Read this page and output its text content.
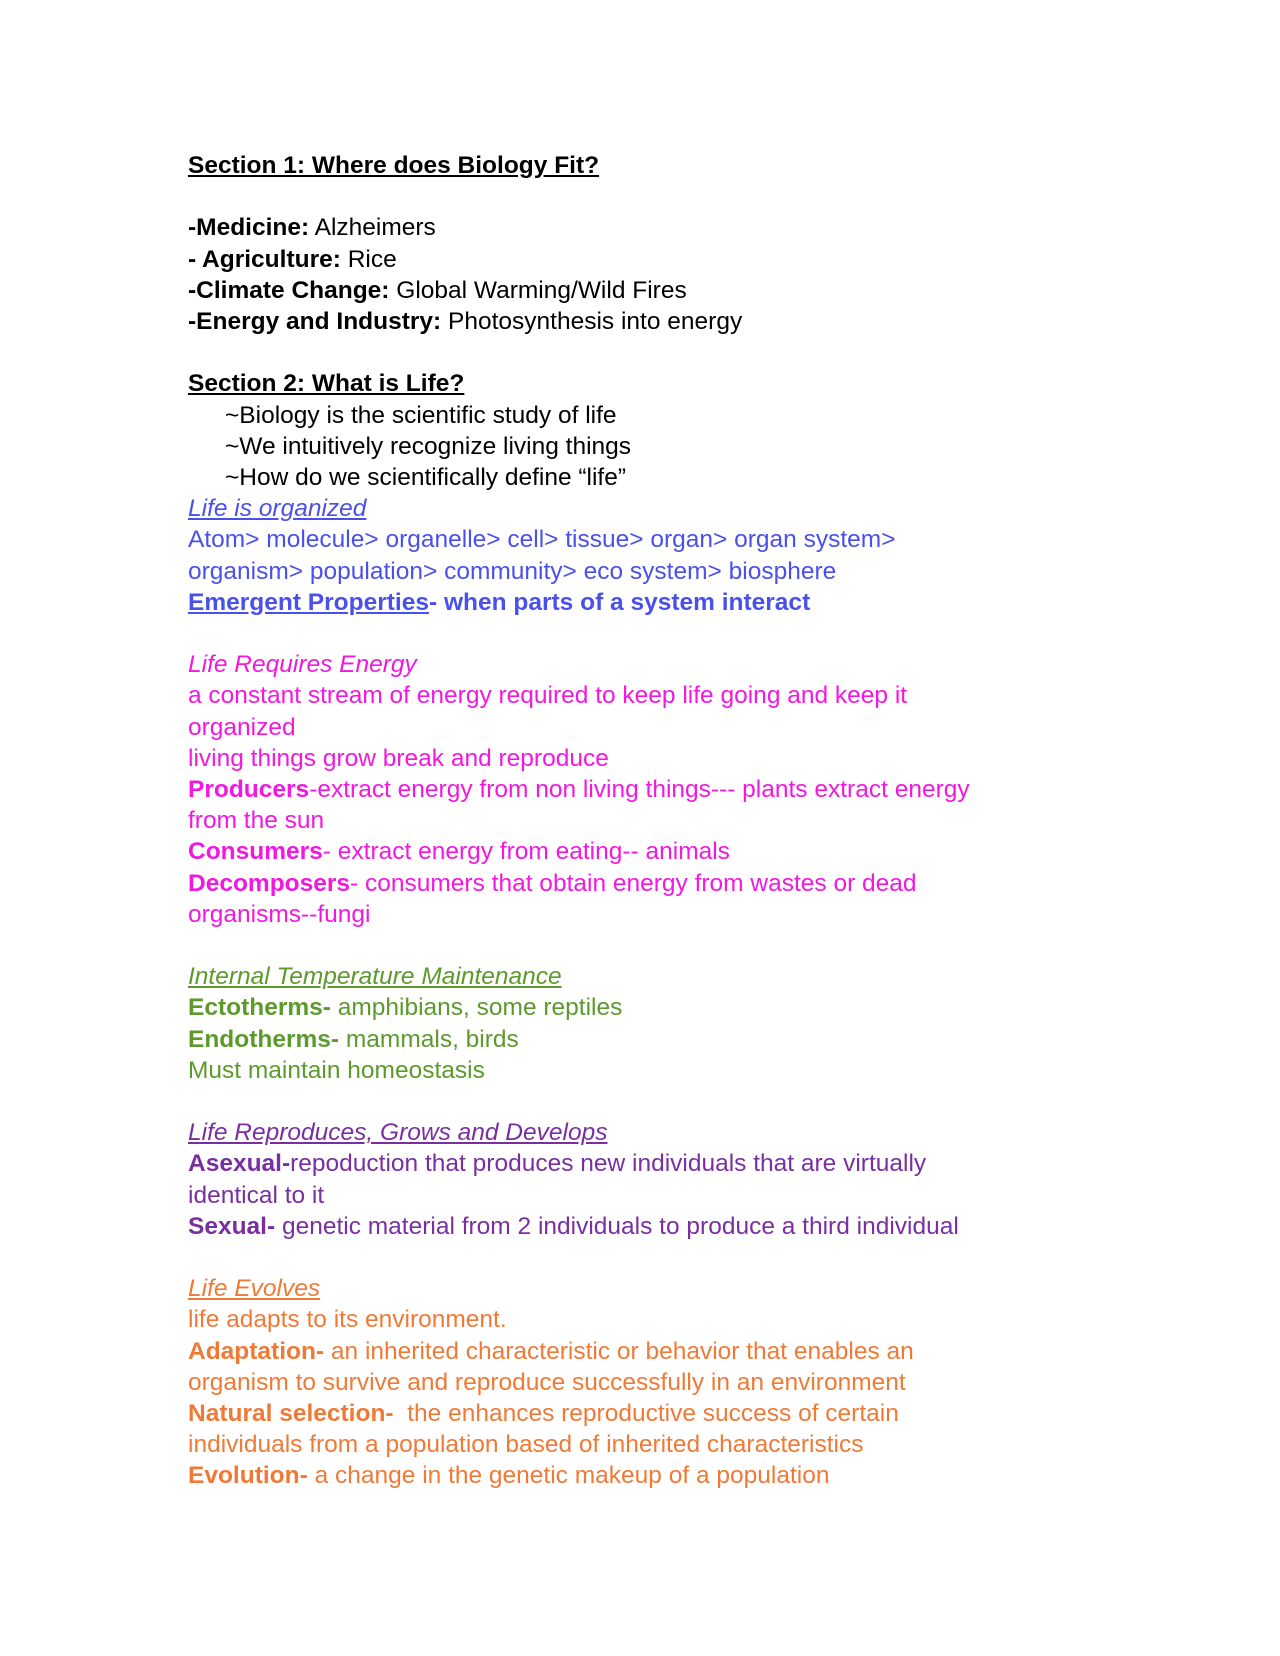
Section 1: Where does Biology Fit?

-Medicine: Alzheimers

- Agriculture: Rice

-Climate Change: Global Warming/Wild Fires

-Energy and Industry: Photosynthesis into energy

Section 2: What is Life?

~Biology is the scientific study of life

~We intuitively recognize living things

~How do we scientifically define “life”

Life is organized

Atom> molecule> organelle> cell> tissue> organ> organ system>

organism> population> community> eco system> biosphere

Emergent Properties- when parts of a system interact

Life Requires Energy

a constant stream of energy required to keep life going and keep it

organized

living things grow break and reproduce

Producers-extract energy from non living things--- plants extract energy

from the sun

Consumers- extract energy from eating-- animals

Decomposers- consumers that obtain energy from wastes or dead

organisms--fungi

Internal Temperature Maintenance

Ectotherms- amphibians, some reptiles

Endotherms- mammals, birds

Must maintain homeostasis

Life Reproduces, Grows and Develops

Asexual-repoduction that produces new individuals that are virtually

identical to it

Sexual- genetic material from 2 individuals to produce a third individual

Life Evolves

life adapts to its environment.

Adaptation- an inherited characteristic or behavior that enables an

organism to survive and reproduce successfully in an environment

Natural selection-  the enhances reproductive success of certain

individuals from a population based of inherited characteristics

Evolution- a change in the genetic makeup of a population
